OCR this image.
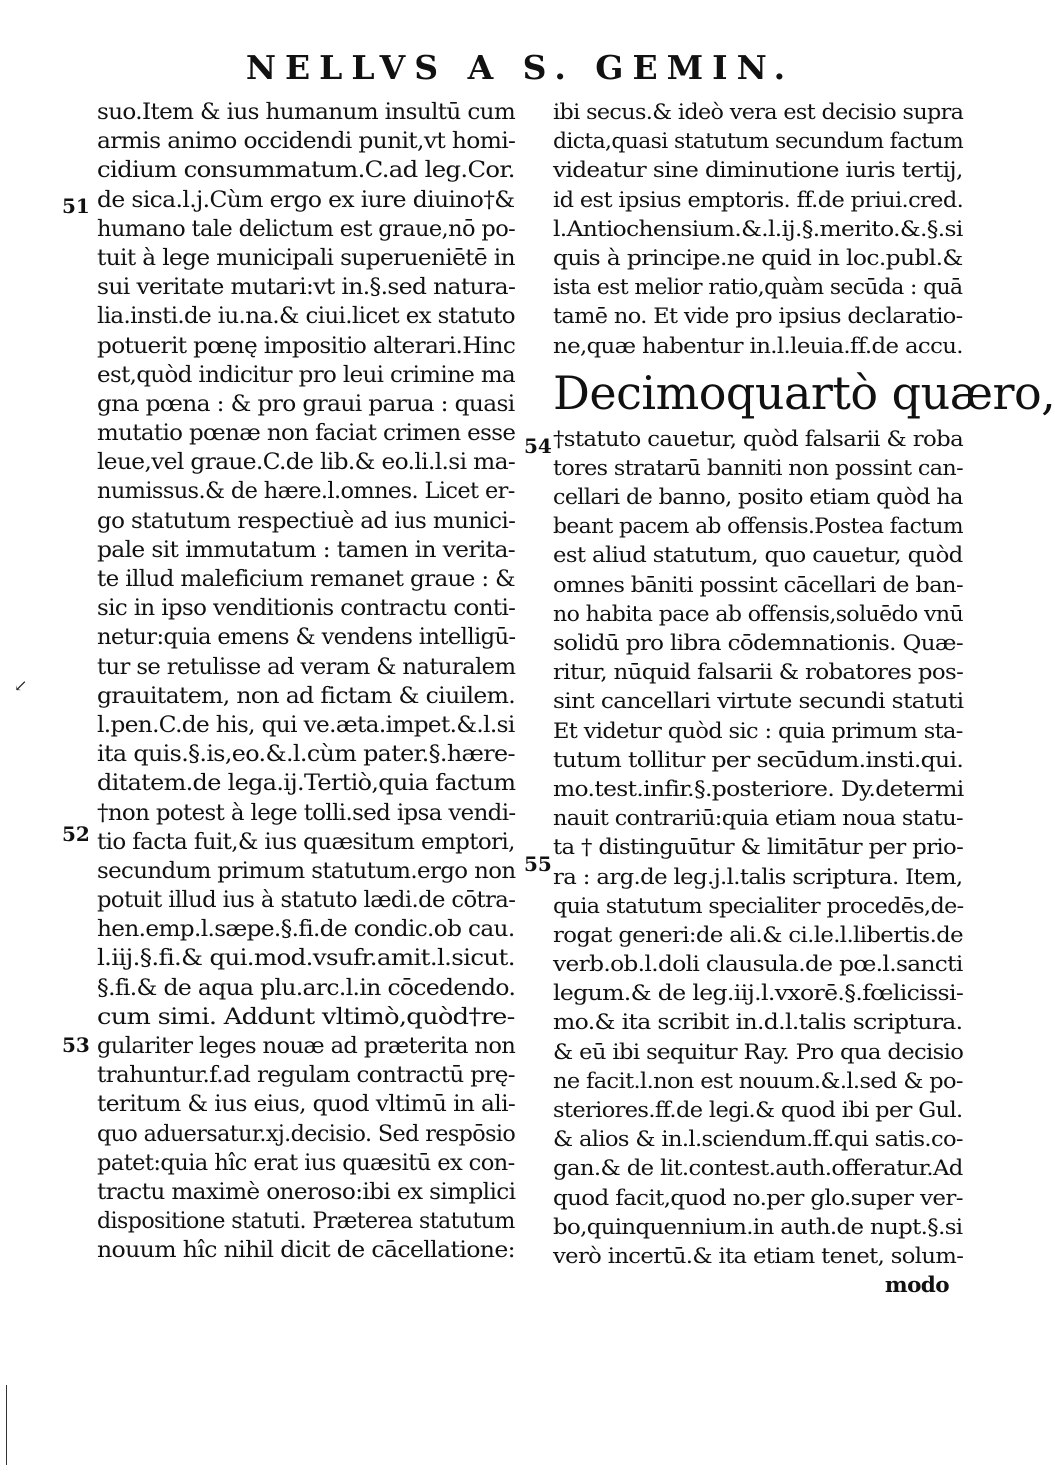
NELLVS A S. GEMIN.
51
52
53
54
55
↙
suo.Item & ius humanum insultū cum
armis animo occidendi punit,vt homi-
cidium consummatum.C.ad leg.Cor.
de sica.l.j.Cùm ergo ex iure diuino†&
humano tale delictum est graue,nō po-
tuit à lege municipali superueniētē in
sui veritate mutari:vt in.§.sed natura-
lia.insti.de iu.na.& ciui.licet ex statuto
potuerit pœnę impositio alterari.Hinc
est,quòd indicitur pro leui crimine ma
gna pœna : & pro graui parua : quasi
mutatio pœnæ non faciat crimen esse
leue,vel graue.C.de lib.& eo.li.l.si ma-
numissus.& de hære.l.omnes. Licet er-
go statutum respectiuè ad ius munici-
pale sit immutatum : tamen in verita-
te illud maleficium remanet graue : &
sic in ipso venditionis contractu conti-
netur:quia emens & vendens intelligū-
tur se retulisse ad veram & naturalem
grauitatem, non ad fictam & ciuilem.
l.pen.C.de his, qui ve.æta.impet.&.l.si
ita quis.§.is,eo.&.l.cùm pater.§.hære-
ditatem.de lega.ij.Tertiò,quia factum
†non potest à lege tolli.sed ipsa vendi-
tio facta fuit,& ius quæsitum emptori,
secundum primum statutum.ergo non
potuit illud ius à statuto lædi.de cōtra-
hen.emp.l.sæpe.§.fi.de condic.ob cau.
l.iij.§.fi.& qui.mod.vsufr.amit.l.sicut.
§.fi.& de aqua plu.arc.l.in cōcedendo.
cum simi. Addunt vltimò,quòd†re-
gulariter leges nouæ ad præterita non
trahuntur.f.ad regulam contractū prę-
teritum & ius eius, quod vltimū in ali-
quo aduersatur.xj.decisio. Sed respōsio
patet:quia hîc erat ius quæsitū ex con-
tractu maximè oneroso:ibi ex simplici
dispositione statuti. Præterea statutum
nouum hîc nihil dicit de cācellatione:
ibi secus.& ideò vera est decisio supra
dicta,quasi statutum secundum factum
videatur sine diminutione iuris tertij,
id est ipsius emptoris. ff.de priui.cred.
l.Antiochensium.&.l.ij.§.merito.&.§.si
quis à principe.ne quid in loc.publ.&
ista est melior ratio,quàm secūda : quā
tamē no. Et vide pro ipsius declaratio-
ne,quæ habentur in.l.leuia.ff.de accu.
Decimoquartò quæro,
†statuto cauetur, quòd falsarii & roba
tores stratarū banniti non possint can-
cellari de banno, posito etiam quòd ha
beant pacem ab offensis.Postea factum
est aliud statutum, quo cauetur, quòd
omnes bāniti possint cācellari de ban-
no habita pace ab offensis,soluēdo vnū
solidū pro libra cōdemnationis. Quæ-
ritur, nūquid falsarii & robatores pos-
sint cancellari virtute secundi statuti
Et videtur quòd sic : quia primum sta-
tutum tollitur per secūdum.insti.qui.
mo.test.infir.§.posteriore. Dy.determi
nauit contrariū:quia etiam noua statu-
ta † distinguūtur & limitātur per prio-
ra : arg.de leg.j.l.talis scriptura. Item,
quia statutum specialiter procedēs,de-
rogat generi:de ali.& ci.le.l.libertis.de
verb.ob.l.doli clausula.de pœ.l.sancti
legum.& de leg.iij.l.vxorē.§.fœlicissi-
mo.& ita scribit in.d.l.talis scriptura.
& eū ibi sequitur Ray. Pro qua decisio
ne facit.l.non est nouum.&.l.sed & po-
steriores.ff.de legi.& quod ibi per Gul.
& alios & in.l.sciendum.ff.qui satis.co-
gan.& de lit.contest.auth.offeratur.Ad
quod facit,quod no.per glo.super ver-
bo,quinquennium.in auth.de nupt.§.si
verò incertū.& ita etiam tenet, solum-
modo
